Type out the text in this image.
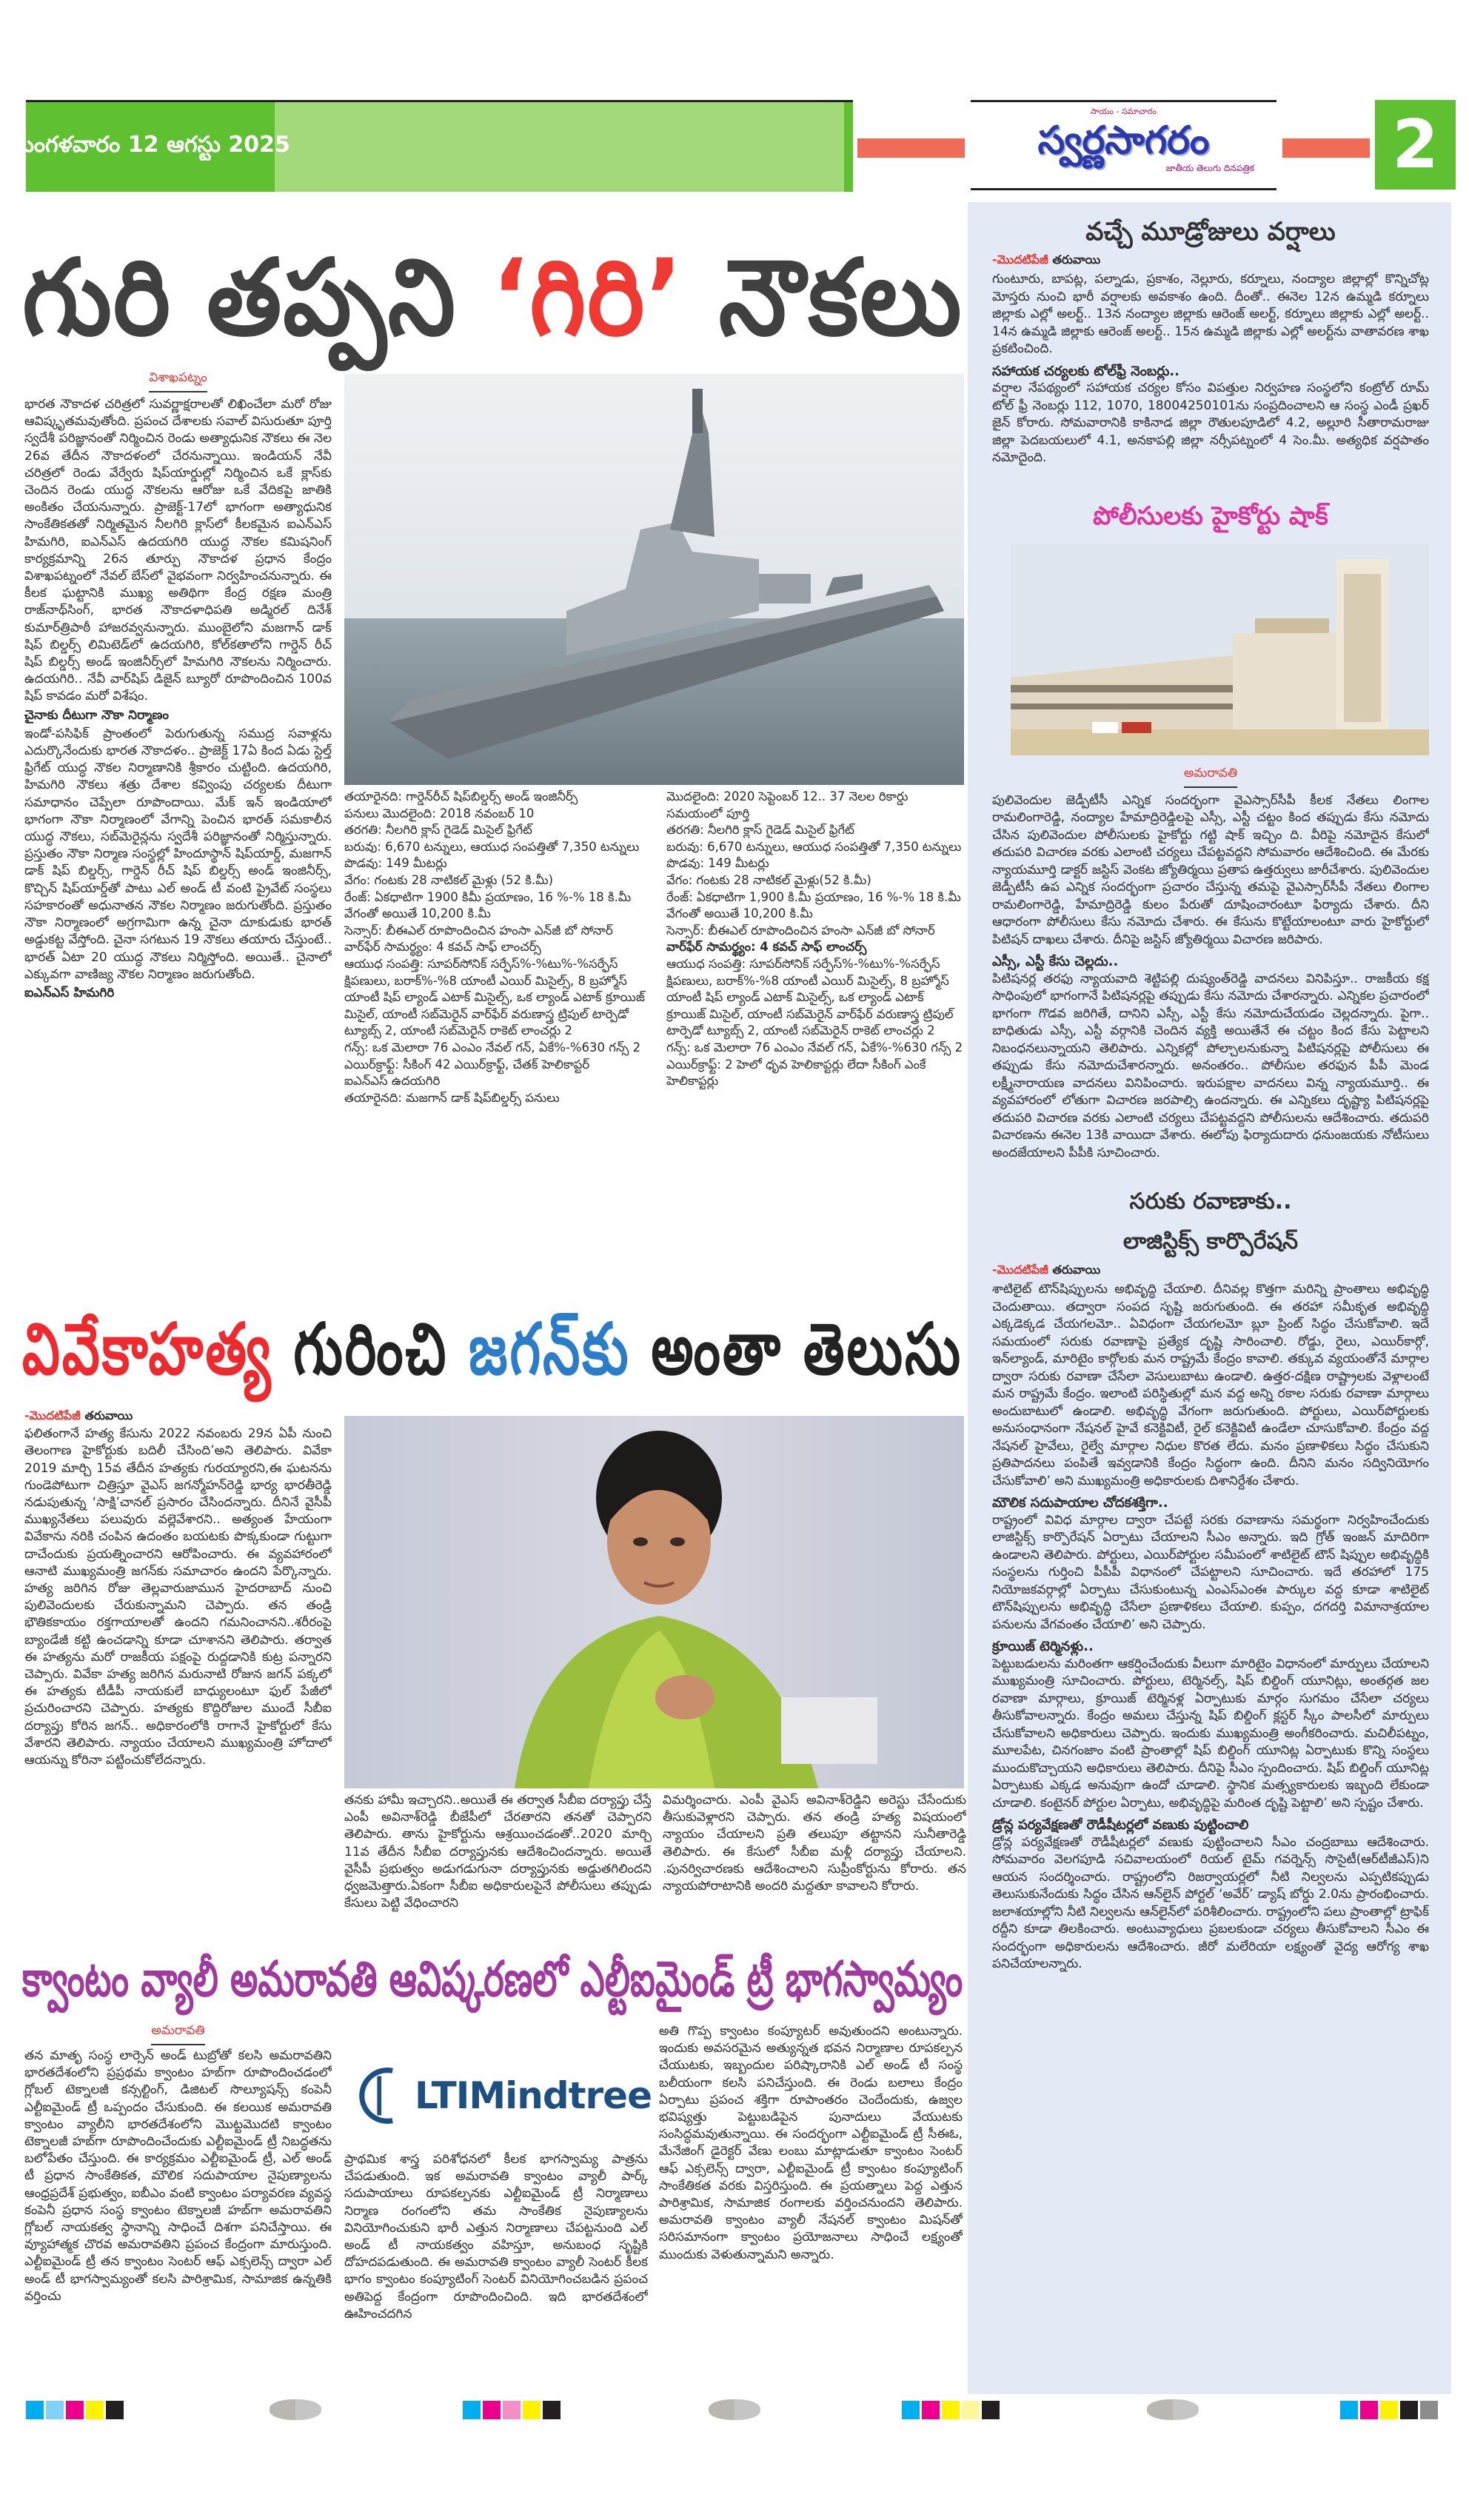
మంగళవారం 12 ఆగస్టు 2025
సాయం - సమాచారం
స్వర్ణసాగరం
జాతీయ తెలుగు దినపత్రిక	2
గురి తప్పని ‘గిరి’ నౌకలు
విశాఖపట్నం

భారత నౌకాదళ చరిత్రలో సువర్ణాక్షరాలతో లిఖించేలా మరో రోజు ఆవిష్కృతమవుతోంది. ప్రపంచ దేశాలకు సవాల్ విసురుతూ పూర్తి స్వదేశీ పరిజ్ఞానంతో నిర్మించిన రెండు అత్యాధునిక నౌకలు ఈ నెల 26వ తేదీన నౌకాదళంలో చేరనున్నాయి. ఇండియన్ నేవీ చరిత్రలో రెండు వేర్వేరు షిప్‌యార్డుల్లో నిర్మించిన ఒకే క్లాస్‌కు చెందిన రెండు యుద్ధ నౌకలను ఆరోజు ఒకే వేదికపై జాతికి అంకితం చేయనున్నారు. ప్రాజెక్ట్-17లో భాగంగా అత్యాధునిక సాంకేతికతతో నిర్మితమైన నీలగిరి క్లాస్‌లో కీలకమైన ఐఎన్ఎస్ హిమగిరి, ఐఎన్ఎస్ ఉదయగిరి యుద్ధ నౌకల కమిషనింగ్ కార్యక్రమాన్ని 26న తూర్పు నౌకాదళ ప్రధాన కేంద్రం విశాఖపట్నంలో నేవల్ బేస్‌లో వైభవంగా నిర్వహించనున్నారు. ఈ కీలక ఘట్టానికి ముఖ్య అతిథిగా కేంద్ర రక్షణ మంత్రి రాజ్‌నాథ్‌సింగ్, భారత నౌకాదళాధిపతి అడ్మిరల్ దినేశ్ కుమార్‌త్రిపాఠీ హాజరవ్వనున్నారు. ముంబైలోని మజగాన్ డాక్ షిప్ బిల్డర్స్ లిమిటెడ్‌లో ఉదయగిరి, కోల్‌కతాలోని గార్డెన్ రీచ్ షిప్ బిల్డర్స్ అండ్ ఇంజినీర్స్‌లో హిమగిరి నౌకలను నిర్మించారు. ఉదయగిరి.. నేవీ వార్‌షిప్ డిజైన్ బ్యూరో రూపొందించిన 100వ షిప్ కావడం మరో విశేషం.

చైనాకు దీటుగా నౌకా నిర్మాణం

ఇండో-పసిఫిక్ ప్రాంతంలో పెరుగుతున్న సముద్ర సవాళ్లను ఎదుర్కొనేందుకు భారత నౌకాదళం.. ప్రాజెక్ట్ 17ఏ కింద ఏడు స్టెల్త్ ఫ్రిగేట్ యుద్ధ నౌకల నిర్మాణానికి శ్రీకారం చుట్టింది. ఉదయగిరి, హిమగిరి నౌకలు శత్రు దేశాల కవ్వింపు చర్యలకు దీటుగా సమాధానం చెప్పేలా రూపొందాయి. మేక్ ఇన్ ఇండియాలో భాగంగా నౌకా నిర్మాణంలో వేగాన్ని పెంచిన భారత్ సమకాలీన యుద్ధ నౌకలు, సబ్‌మెరైన్లను స్వదేశీ పరిజ్ఞానంతో నిర్మిస్తున్నారు. ప్రస్తుతం నౌకా నిర్మాణ సంస్థల్లో హిందూస్థాన్ షిప్‌యార్డ్, మజగాన్ డాక్ షిప్ బిల్డర్స్, గార్డెన్ రీచ్ షిప్ బిల్డర్స్ అండ్ ఇంజినీర్స్, కొచ్చిన్ షిప్‌యార్డ్‌తో పాటు ఎల్ అండ్ టీ వంటి ప్రైవేట్ సంస్థలు సహకారంతో అధునాతన నౌకల నిర్మాణం జరుగుతోంది. ప్రస్తుతం నౌకా నిర్మాణంలో అగ్రగామిగా ఉన్న చైనా దూకుడుకు భారత్ అడ్డుకట్ట వేస్తోంది. చైనా సగటున 19 నౌకలు తయారు చేస్తుంటే.. భారత్ ఏటా 20 యుద్ధ నౌకలు నిర్మిస్తోంది. అయితే.. చైనాలో ఎక్కువగా వాణిజ్య నౌకల నిర్మాణం జరుగుతోంది.

ఐఎన్ఎస్ హిమగిరి

తయారైనది: గార్డెన్‌రీచ్ షిప్‌బిల్డర్స్ అండ్ ఇంజినీర్స్
పనులు మొదలైంది: 2018 నవంబర్ 10
తరగతి: నీలగిరి క్లాస్ గైడెడ్ మిసైల్ ఫ్రిగేట్
బరువు: 6,670 టన్నులు, ఆయుధ సంపత్తితో 7,350 టన్నులు
పొడవు: 149 మీటర్లు
వేగం: గంటకు 28 నాటికల్ మైళ్లు (52 కి.మీ)
రేంజ్: ఏకధాటిగా 1900 కిమీ ప్రయాణం, 16 %-% 18 కి.మీ వేగంతో అయితే 10,200 కి.మీ
సెన్సార్: బీఈఎల్ రూపొందించిన హంసా ఎన్‌జీ బో సోనార్
వార్‌ఫేర్ సామర్థ్యం: 4 కవచ్ సాఫ్ లాంచర్స్
ఆయుధ సంపత్తి: సూపర్‌సోనిక్ సర్ఫేస్%-%టు%-%సర్ఫేస్ క్షిపణులు, బరాక్%-%8 యాంటీ ఎయిర్ మిసైల్స్, 8 బ్రహ్మోస్ యాంటీ షిప్ ల్యాండ్ ఎటాక్ మిసైల్స్, ఒక ల్యాండ్ ఎటాక్ క్రూయిజ్ మిసైల్, యాంటీ సబ్‌మెరైన్ వార్‌ఫేర్ వరుణాస్త్ర ట్రిపుల్ టార్పెడో ట్యూబ్స్ 2, యాంటీ సబ్‌మెరైన్ రాకెట్ లాంచర్లు 2
గన్స్: ఒక మెలారా 76 ఎంఎం నేవల్ గన్, ఏకే%-%630 గన్స్ 2 ఎయిర్‌క్రాఫ్ట్: సీకింగ్ 42 ఎయిర్‌క్రాఫ్ట్, చేతక్ హెలికాప్టర్
ఐఎన్ఎస్ ఉదయగిరి
తయారైనది: మజగాన్ డాక్ షిప్‌బిల్డర్స్ పనులు
మొదలైంది: 2020 సెప్టెంబర్ 12.. 37 నెలల రికార్డు సమయంలో పూర్తి
తరగతి: నీలగిరి క్లాస్ గైడెడ్ మిసైల్ ఫ్రిగేట్
బరువు: 6,670 టన్నులు, ఆయుధ సంపత్తితో 7,350 టన్నులు
పొడవు: 149 మీటర్లు
వేగం: గంటకు 28 నాటికల్ మైళ్లు(52 కి.మీ)
రేంజ్: ఏకధాటిగా 1,900 కి.మీ ప్రయాణం, 16 %-% 18 కి.మీ వేగంతో అయితే 10,200 కి.మీ
సెన్సార్: బీఈఎల్ రూపొందించిన హంసా ఎన్‌జీ బో సోనార్
వార్‌ఫేర్ సామర్థ్యం: 4 కవచ్ సాఫ్ లాంచర్స్
ఆయుధ సంపత్తి: సూపర్‌సోనిక్ సర్ఫేస్%-%టు%-%సర్ఫేస్ క్షిపణులు, బరాక్%-%8 యాంటీ ఎయిర్ మిసైల్స్, 8 బ్రహ్మోస్ యాంటీ షిప్ ల్యాండ్ ఎటాక్ మిసైల్స్, ఒక ల్యాండ్ ఎటాక్ క్రూయిజ్ మిసైల్, యాంటీ సబ్‌మెరైన్ వార్‌ఫేర్ వరుణాస్త్ర ట్రిపుల్ టార్పెడో ట్యూబ్స్ 2, యాంటీ సబ్‌మెరైన్ రాకెట్ లాంచర్లు 2
గన్స్: ఒక మెలారా 76 ఎంఎం నేవల్ గన్, ఏకే%-%630 గన్స్ 2
ఎయిర్‌క్రాఫ్ట్: 2 హెలో ధృవ హెలికాప్టర్లు లేదా సీకింగ్ ఎంకే హెలికాప్టర్లు
వివేకాహత్య గురించి జగన్‌కు అంతా తెలుసు
-మొదటిపేజీ తరువాయి

ఫలితంగానే హత్య కేసును 2022 నవంబరు 29న ఏపీ నుంచి తెలంగాణ హైకోర్టుకు బదిలీ చేసింది’అని తెలిపారు. వివేకా 2019 మార్చి 15వ తేదీన హత్యకు గురయ్యారని,ఈ ఘటనను గుండెపోటుగా చిత్రిస్తూ వైఎస్ జగన్మోహన్‌రెడ్డి భార్య భారతీరెడ్డి నడుపుతున్న ‘సాక్షి’చానల్ ప్రసారం చేసిందన్నారు. దీనినే వైసీపీ ముఖ్యనేతలు పలువురు వల్లెవేశారని.. అత్యంత హేయంగా వివేకాను నరికి చంపిన ఉదంతం బయటకు పొక్కకుండా గుట్టుగా దాచేందుకు ప్రయత్నించారని ఆరోపించారు. ఈ వ్యవహారంలో ఆనాటి ముఖ్యమంత్రి జగన్‌కు సమాచారం ఉందని పేర్కొన్నారు. హత్య జరిగిన రోజు తెల్లవారుజామున హైదరాబాద్ నుంచి పులివెందులకు చేరుకున్నామని చెప్పారు. తన తండ్రి భౌతికకాయం రక్తగాయాలతో ఉందని గమనించానని..శరీరంపై బ్యాండేజీ కట్టి ఉంచడాన్ని కూడా చూశానని తెలిపారు. తర్వాత ఈ హత్యను మరో రాజకీయ పక్షంపై రుద్దడానికి కుట్ర పన్నారని చెప్పారు. వివేకా హత్య జరిగిన మరునాటి రోజున జగన్ పక్కలో ఈ హత్యకు టీడీపీ నాయకులే బాధ్యులంటూ ఫుల్ పేజీలో ప్రచురించారని చెప్పారు. హత్యకు కొద్దిరోజుల ముందే సీబీఐ దర్యాప్తు కోరిన జగన్.. అధికారంలోకి రాగానే హైకోర్టులో కేసు వేశారని తెలిపారు. న్యాయం చేయాలని ముఖ్యమంత్రి హోదాలో ఆయన్ను కోరినా పట్టించుకోలేదన్నారు.

తనకు హామీ ఇచ్చారని..అయితే ఈ తర్వాత సీబీఐ దర్యాప్తు చేస్తే ఎంపీ అవినాశ్‌రెడ్డి బీజేపీలో చేరతారని తనతో చెప్పారని తెలిపారు. తాను హైకోర్టును ఆశ్రయించడంతో..2020 మార్చి 11వ తేదీన సీబీఐ దర్యాప్తునకు ఆదేశించిందన్నారు. అయితే వైసీపీ ప్రభుత్వం అడుగడుగునా దర్యాప్తునకు అడ్డుతగిలిందని ధ్వజమెత్తారు.ఏకంగా సీబీఐ అధికారులపైనే పోలీసులు తప్పుడు కేసులు పెట్టి వేధించారని

విమర్శించారు. ఎంపీ వైఎస్ అవినాశ్‌రెడ్డిని అరెస్టు చేసేందుకు తీసుకువెళ్లారని చెప్పారు. తన తండ్రి హత్య విషయంలో న్యాయం చేయాలని ప్రతి తలుపూ తట్టానని సునీతారెడ్డి తెలిపారు. ఈ కేసులో సీబీఐ మళ్లీ దర్యాప్తు చేయాలని. .పునర్విచారణకు ఆదేశించాలని సుప్రీంకోర్టును కోరారు. తన న్యాయపోరాటానికి అందరి మద్దతూ కావాలని కోరారు.

క్వాంటం వ్యాలీ అమరావతి ఆవిష్కరణలో ఎల్టీఐమైండ్ ట్రీ భాగస్వామ్యం
అమరావతి

తన మాతృ సంస్థ లార్సెన్ అండ్ టుబ్రోతో కలసి అమరావతిని భారతదేశంలోని ప్రప్రథమ క్వాంటం హబ్‌గా రూపొందించడంలో గ్లోబల్ టెక్నాలజీ కన్సల్టింగ్, డిజిటల్ సొల్యూషన్స్ కంపెనీ ఎల్టీఐమైండ్ ట్రీ ఒప్పందం చేసుకుంది. ఈ కలయిక అమరావతి క్వాంటం వ్యాలీని భారతదేశంలోని మొట్టమొదటి క్వాంటం టెక్నాలజీ హబ్‌గా రూపొందించేందుకు ఎల్టీఐమైండ్ ట్రీ నిబద్ధతను బలోపేతం చేస్తుంది. ఈ కార్యక్రమం ఎల్టీఐమైండ్ ట్రీ, ఎల్ అండ్ టీ ప్రధాన సాంకేతికత, మౌలిక సదుపాయాల నైపుణ్యాలను ఆంధ్రప్రదేశ్ ప్రభుత్వం, ఐబీఎం వంటి క్వాంటం పర్యావరణ వ్యవస్థ కంపెనీ ప్రధాన సంస్థ క్వాంటం టెక్నాలజీ హబ్‌గా అమరావతిని గ్లోబల్ నాయకత్వ స్థానాన్ని సాధించే దిశగా పనిచేస్తాయి. ఈ వ్యూహాత్మక చొరవ అమరావతిని ప్రపంచ కేంద్రంగా మారుస్తుంది. ఎల్టీఐమైండ్ ట్రీ తన క్వాంటం సెంటర్ ఆఫ్ ఎక్సలెన్స్ ద్వారా ఎల్ అండ్ టీ భాగస్వామ్యంతో కలసి పారిశ్రామిక, సామాజిక ఉన్నతికి వర్తించు

LTIMindtree

ప్రాథమిక శాస్త్ర పరిశోధనలో కీలక భాగస్వామ్య పాత్రను చేపడుతుంది. ఇక అమరావతి క్వాంటం వ్యాలీ పార్క్ సదుపాయాలు రూపకల్పనకు ఎల్టీఐమైండ్ ట్రీ నిర్మాణాలు నిర్మాణ రంగంలోని తమ సాంకేతిక నైపుణ్యాలను వినియోగించుకుని భారీ ఎత్తున నిర్మాణాలు చేపట్టనుంది ఎల్ అండ్ టీ నాయకత్వం వహిస్తూ, అనుబంధ సృష్టికి దోహదపడుతుంది. ఈ అమరావతి క్వాంటం వ్యాలీ సెంటర్ కీలక భాగం క్వాంటం కంప్యూటింగ్ సెంటర్ వినియోగించబడిన ప్రపంచ అతిపెద్ద కేంద్రంగా రూపొందించింది. ఇది భారతదేశంలో ఊహించదగిన

అతి గొప్ప క్వాంటం కంప్యూటర్ అవుతుందని అంటున్నారు. ఇందుకు అవసరమైన అత్యున్నత భవన నిర్మాణాల రూపకల్పన చేయుటకు, ఇబ్బందుల పరిష్కారానికి ఎల్ అండ్ టీ సంస్థ బలీయంగా కలసి పనిచేస్తుంది. ఈ రెండు బలాలు కేంద్రం ఏర్పాటు ప్రపంచ శక్తిగా రూపాంతరం చెందేందుకు, ఉజ్వల భవిష్యత్తు పెట్టుబడిపైన పునాదులు వేయుటకు సంసిద్ధమవుతున్నాయి. ఈ సందర్భంగా ఎల్టీఐమైండ్ ట్రీ సీఈఓ, మేనేజింగ్ డైరెక్టర్ వేణు లంబు మాట్లాడుతూ క్వాంటం సెంటర్ ఆఫ్ ఎక్సలెన్స్ ద్వారా, ఎల్టీఐమైండ్ ట్రీ క్వాంటం కంప్యూటింగ్ సాంకేతికత వరకు విస్తరిస్తుంది. ఈ ప్రయత్నాలు పెద్ద ఎత్తున పారిశ్రామిక, సామాజిక రంగాలకు వర్తించనుందని తెలిపారు. అమరావతి క్వాంటం వ్యాలీ నేషనల్ క్వాంటం మిషన్‌తో సరిసమానంగా క్వాంటం ప్రయోజనాలు సాధించే లక్ష్యంతో ముందుకు వెళుతున్నామని అన్నారు.

వచ్చే మూడ్రోజులు వర్షాలు
-మొదటిపేజీ తరువాయి

గుంటూరు, బాపట్ల, పల్నాడు, ప్రకాశం, నెల్లూరు, కర్నూలు, నంద్యాల జిల్లాల్లో కొన్నిచోట్ల మోస్తరు నుంచి భారీ వర్షాలకు అవకాశం ఉంది. దీంతో.. ఈనెల 12న ఉమ్మడి కర్నూలు జిల్లాకు ఎల్లో అలర్ట్.. 13న నంద్యాల జిల్లాకు ఆరెంజ్ అలర్ట్, కర్నూలు జిల్లాకు ఎల్లో అలర్ట్.. 14న ఉమ్మడి జిల్లాకు ఆరెంజ్ అలర్ట్.. 15న ఉమ్మడి జిల్లాకు ఎల్లో అలర్ట్‌ను వాతావరణ శాఖ ప్రకటించింది.

సహాయక చర్యలకు టోల్‌ఫ్రీ నెంబర్లు..

వర్షాల నేపథ్యంలో సహాయక చర్యల కోసం విపత్తుల నిర్వహణ సంస్థలోని కంట్రోల్ రూమ్ టోల్ ఫ్రీ నెంబర్లు 112, 1070, 18004250101ను సంప్రదించాలని ఆ సంస్థ ఎండీ ప్రఖర్ జైన్ కోరారు. సోమవారానికి కాకినాడ జిల్లా రౌతులపూడిలో 4.2, అల్లూరి సీతారామరాజు జిల్లా పెదబయలులో 4.1, అనకాపల్లి జిల్లా నర్సీపట్నంలో 4 సెం.మీ. అత్యధిక వర్షపాతం నమోదైంది.

పోలీసులకు హైకోర్టు షాక్
అమరావతి

పులివెందుల జెడ్పీటీసీ ఎన్నిక సందర్భంగా వైఎస్సార్‌సీపీ కీలక నేతలు లింగాల రామలింగారెడ్డి, నంద్యాల హేమాద్రిరెడ్డిలపై ఎస్సీ, ఎస్టీ చట్టం కింద తప్పుడు కేసు నమోదు చేసిన పులివెందుల పోలీసులకు హైకోర్టు గట్టి షాక్ ఇచ్చిం ది. వీరిపై నమోదైన కేసులో తదుపరి విచారణ వరకు ఎలాంటి చర్యలు చేపట్టవద్దని సోమవారం ఆదేశించింది. ఈ మేరకు న్యాయమూర్తి డాక్టర్ జస్టిస్ వెంకట జ్యోతిర్మయి ప్రతాప ఉత్తర్వులు జారీచేశారు. పులివెందుల జెడ్పీటీసీ ఉప ఎన్నిక సందర్భంగా ప్రచారం చేస్తున్న తమపై వైఎస్సార్‌సీపీ నేతలు లింగాల రామలింగారెడ్డి, హేమాద్రిరెడ్డి కులం పేరుతో దూషించారంటూ ఫిర్యాదు చేశారు. దీని ఆధారంగా పోలీసులు కేసు నమోదు చేశారు. ఈ కేసును కొట్టేయాలంటూ వారు హైకోర్టులో పిటిషన్ దాఖలు చేశారు. దీనిపై జస్టిస్ జ్యోతిర్మయి విచారణ జరిపారు.

ఎస్సీ, ఎస్టీ కేసు చెల్లదు..

పిటిషనర్ల తరఫు న్యాయవాది శెట్టిపల్లి దుష్యంత్‌రెడ్డి వాదనలు వినిపిస్తూ.. రాజకీయ కక్ష సాధింపులో భాగంగానే పిటిషనర్లపై తప్పుడు కేసు నమోదు చేశారన్నారు. ఎన్నికల ప్రచారంలో భాగంగా గొడవ జరిగితే, దానిని ఎస్సీ, ఎస్టీ కేసు నమోదుచేయడం చెల్లదన్నారు. పైగా.. బాధితుడు ఎస్సీ, ఎస్టీ వర్గానికి చెందిన వ్యక్తి అయితేనే ఈ చట్టం కింద కేసు పెట్టాలని నిబంధనలున్నాయని తెలిపారు. ఎన్నికల్లో పోల్చాలనుకున్నా పిటిషనర్లపై పోలీసులు ఈ తప్పుడు కేసు నమోదుచేశారన్నారు. అనంతరం.. పోలీసుల తరఫున పీపీ మెండ లక్ష్మీనారాయణ వాదనలు వినిపించారు. ఇరుపక్షాల వాదనలు విన్న న్యాయమూర్తి.. ఈ వ్యవహారంలో లోతుగా విచారణ జరపాల్సి ఉందన్నారు. ఈ ఎన్నికలు దృష్ట్యా పిటిషనర్లపై తదుపరి విచారణ వరకు ఎలాంటి చర్యలు చేపట్టవద్దని పోలీసులను ఆదేశించారు. తదుపరి విచారణను ఈనెల 13కి వాయిదా వేశారు. ఈలోపు ఫిర్యాదుదారు ధనుంజయకు నోటీసులు అందజేయాలని పీపీకి సూచించారు.

సరుకు రవాణాకు..
లాజిస్టిక్స్ కార్పొరేషన్
-మొదటిపేజీ తరువాయి

శాటిలైట్ టౌన్‌షిప్పులను అభివృద్ధి చేయాలి. దీనివల్ల కొత్తగా మరిన్ని ప్రాంతాలు అభివృద్ధి చెందుతాయి. తద్వారా సంపద సృష్టి జరుగుతుంది. ఈ తరహా సమీకృత అభివృద్ధి ఎక్కడెక్కడ చేయగలమో.. ఏవిధంగా చేయగలమో బ్లూ ప్రింట్ సిద్ధం చేసుకోవాలి. ఇదే సమయంలో సరుకు రవాణాపై ప్రత్యేక దృష్టి సారించాలి. రోడ్డు, రైలు, ఎయిర్‌కార్గో, ఇన్‌ల్యాండ్, మారిటైం కార్గోలకు మన రాష్ట్రమే కేంద్రం కావాలి. తక్కువ వ్యయంతోనే మార్గాల ద్వారా సరుకు రవాణా చేసేలా వెసులుబాటు ఉండాలి. ఉత్తర-దక్షిణ రాష్ట్రాలకు వెళ్లాలంటే మన రాష్ట్రమే కేంద్రం. ఇలాంటి పరిస్థితుల్లో మన వద్ద అన్ని రకాల సరుకు రవాణా మార్గాలు అందుబాటులో ఉండాలి. అభివృద్ధి వేగంగా జరుగుతుంది. పోర్టులు, ఎయిర్‌పోర్టులకు అనుసంధానంగా నేషనల్ హైవే కనెక్టివిటీ, రైల్ కనెక్టివిటీ ఉండేలా చూసుకోవాలి. కేంద్రం వద్ద నేషనల్ హైవేలు, రైల్వే మార్గాల నిధుల కొరత లేదు. మనం ప్రణాళికలు సిద్ధం చేసుకుని ప్రతిపాదనలు పంపితే ఇవ్వడానికి కేంద్రం సిద్ధంగా ఉంది. దీనిని మనం సద్వినియోగం చేసుకోవాలి’ అని ముఖ్యమంత్రి అధికారులకు దిశానిర్దేశం చేశారు.

మౌలిక సదుపాయాల చోదకశక్తిగా..

రాష్ట్రంలో వివిధ మార్గాల ద్వారా చేపట్టే సరకు రవాణాను సమర్థంగా నిర్వహించేందుకు లాజిస్టిక్స్ కార్పొరేషన్ ఏర్పాటు చేయాలని సీఎం అన్నారు. ఇది గ్రోత్ ఇంజన్ మాదిరిగా ఉండాలని తెలిపారు. పోర్టులు, ఎయిర్‌పోర్టుల సమీపంలో శాటిలైట్ టౌన్ షిప్పుల అభివృద్ధికి సంస్థలను గుర్తించి పీపీపీ విధానంలో చేపట్టాలని సూచించారు. ఇదే తరహాలో 175 నియోజకవర్గాల్లో ఏర్పాటు చేసుకుంటున్న ఎంఎస్ఎంఈ పార్కుల వద్ద కూడా శాటిలైట్ టౌన్‌షిప్పులను అభివృద్ధి చేసేలా ప్రణాళికలు చేయాలి. కుప్పం, దగదర్తి విమానాశ్రయాల పనులను వేగవంతం చేయాలి’ అని చెప్పారు.

క్రూయిజ్ టెర్మినళ్లు..

పెట్టుబడులను మరింతగా ఆకర్షించేందుకు వీలుగా మారిటైం విధానంలో మార్పులు చేయాలని ముఖ్యమంత్రి సూచించారు. పోర్టులు, టెర్మినల్స్, షిప్ బిల్డింగ్ యూనిట్లు, అంతర్గత జల రవాణా మార్గాలు, క్రూయిజ్ టెర్మినళ్ల ఏర్పాటుకు మార్గం సుగమం చేసేలా చర్యలు తీసుకోవాలన్నారు. కేంద్రం అమలు చేస్తున్న షిప్ బిల్డింగ్ క్లస్టర్ స్కీం పాలసీలో మార్పులు చేసుకోవాలని అధికారులు చెప్పారు. ఇందుకు ముఖ్యమంత్రి అంగీకరించారు. మచిలీపట్నం, మూలపేట, చినగంజాం వంటి ప్రాంతాల్లో షిప్ బిల్డింగ్ యూనిట్ల ఏర్పాటుకు కొన్ని సంస్థలు ముందుకొచ్చాయని అధికారులు తెలిపారు. దీనిపై సీఎం స్పందించారు. షిప్ బిల్డింగ్ యూనిట్ల ఏర్పాటుకు ఎక్కడ అనువుగా ఉందో చూడాలి. స్థానిక మత్స్యకారులకు ఇబ్బంది లేకుండా చూడాలి. కంటైనర్ పోర్టుల ఏర్పాటు, అభివృద్ధిపై మరింత దృష్టి పెట్టాలి’ అని స్పష్టం చేశారు.

డ్రోన్ల పర్యవేక్షణతో రౌడీషీటర్లలో వణుకు పుట్టించాలి

డ్రోన్ల పర్యవేక్షణతో రౌడీషీటర్లలో వణుకు పుట్టించాలని సీఎం చంద్రబాబు ఆదేశించారు. సోమవారం వెలగపూడి సచివాలయంలో రియల్ టైమ్ గవర్నెన్స్ సొసైటీ(ఆర్‌టీజీఎస్)ని ఆయన సందర్శించారు. రాష్ట్రంలోని రిజర్వాయర్లలో నీటి నిల్వలను ఎప్పటికప్పుడు తెలుసుకునేందుకు సిద్ధం చేసిన ఆన్‌లైన్ పోర్టల్ ‘అవేర్’ డ్యాష్ బోర్డు 2.0ను ప్రారంభించారు. జలాశయాల్లోని నీటి నిల్వలను ఆన్‌లైన్‌లో పరిశీలించారు. రాష్ట్రంలోని పలు ప్రాంతాల్లో ట్రాఫిక్ రద్దీని కూడా తిలకించారు. అంటువ్యాధులు ప్రబలకుండా చర్యలు తీసుకోవాలని సీఎం ఈ సందర్భంగా అధికారులను ఆదేశించారు. జీరో మలేరియా లక్ష్యంతో వైద్య ఆరోగ్య శాఖ పనిచేయాలన్నారు.
